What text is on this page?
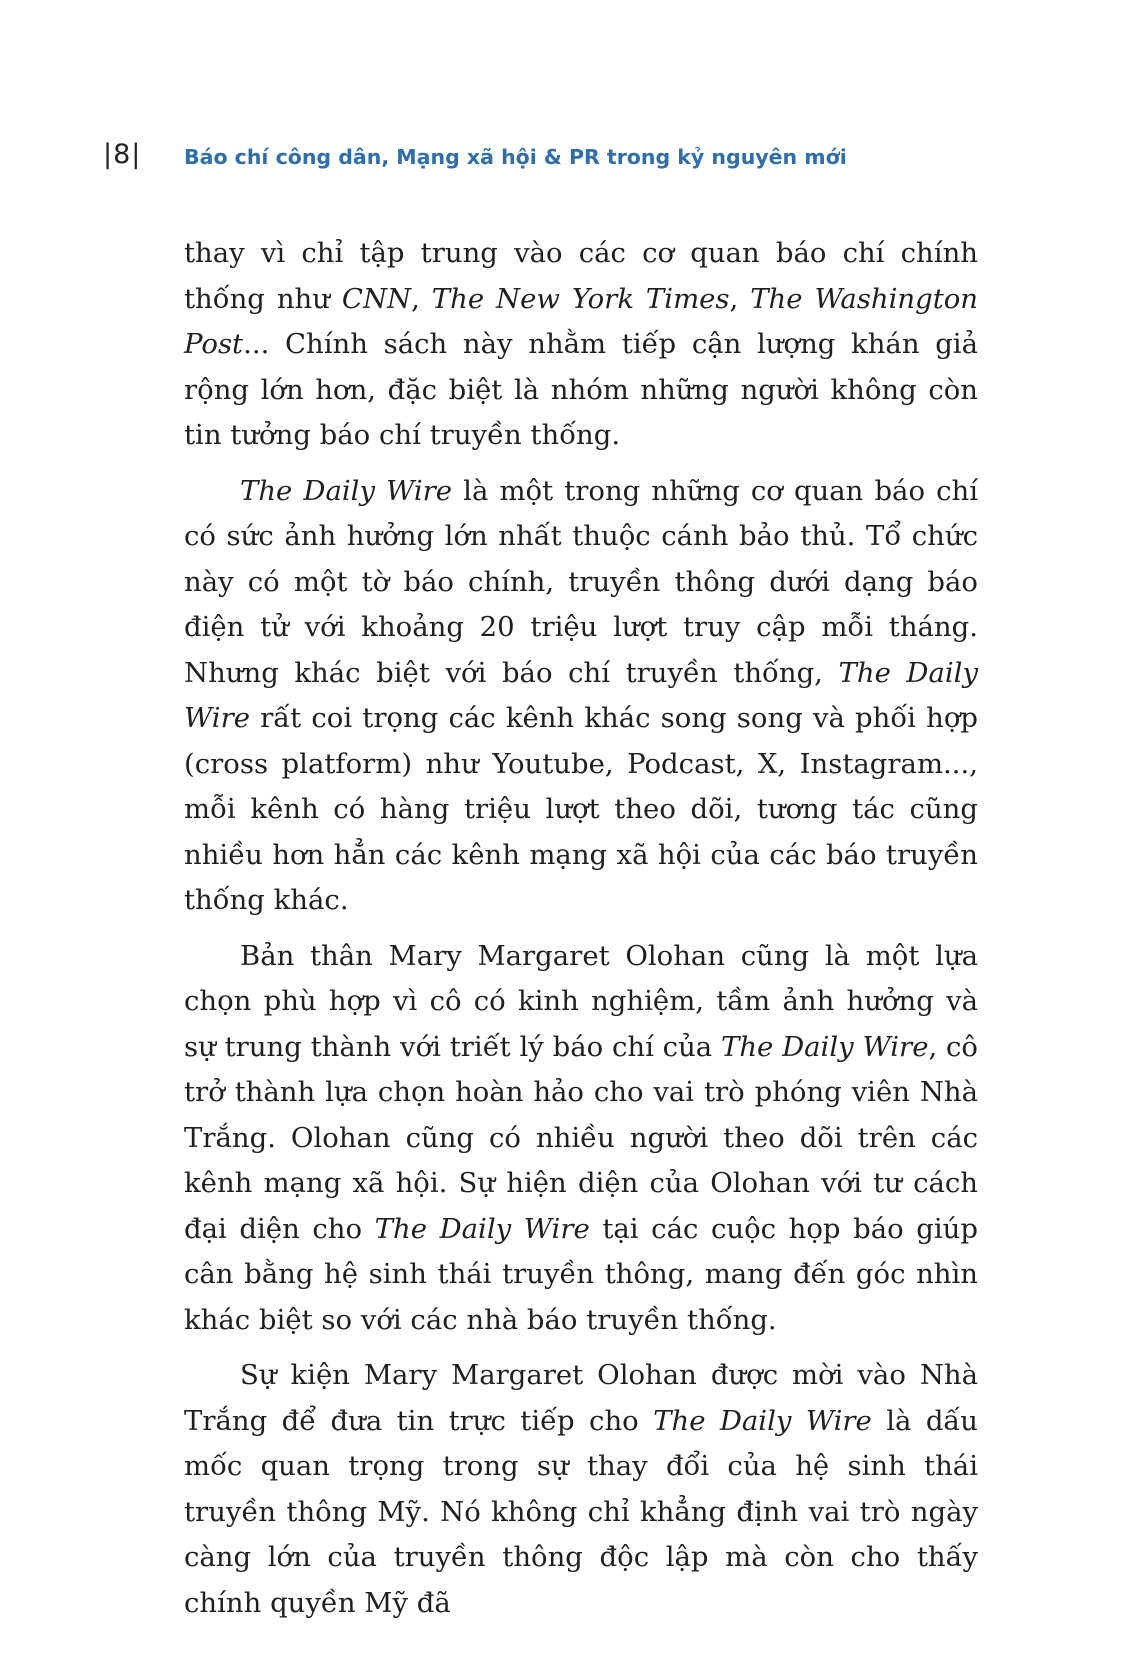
|8| Báo chí công dân, Mạng xã hội & PR trong kỷ nguyên mới

thay vì chỉ tập trung vào các cơ quan báo chí chính thống như CNN, The New York Times, The Washington Post... Chính sách này nhằm tiếp cận lượng khán giả rộng lớn hơn, đặc biệt là nhóm những người không còn tin tưởng báo chí truyền thống.

The Daily Wire là một trong những cơ quan báo chí có sức ảnh hưởng lớn nhất thuộc cánh bảo thủ. Tổ chức này có một tờ báo chính, truyền thông dưới dạng báo điện tử với khoảng 20 triệu lượt truy cập mỗi tháng. Nhưng khác biệt với báo chí truyền thống, The Daily Wire rất coi trọng các kênh khác song song và phối hợp (cross platform) như Youtube, Podcast, X, Instagram..., mỗi kênh có hàng triệu lượt theo dõi, tương tác cũng nhiều hơn hẳn các kênh mạng xã hội của các báo truyền thống khác.

Bản thân Mary Margaret Olohan cũng là một lựa chọn phù hợp vì cô có kinh nghiệm, tầm ảnh hưởng và sự trung thành với triết lý báo chí của The Daily Wire, cô trở thành lựa chọn hoàn hảo cho vai trò phóng viên Nhà Trắng. Olohan cũng có nhiều người theo dõi trên các kênh mạng xã hội. Sự hiện diện của Olohan với tư cách đại diện cho The Daily Wire tại các cuộc họp báo giúp cân bằng hệ sinh thái truyền thông, mang đến góc nhìn khác biệt so với các nhà báo truyền thống.

Sự kiện Mary Margaret Olohan được mời vào Nhà Trắng để đưa tin trực tiếp cho The Daily Wire là dấu mốc quan trọng trong sự thay đổi của hệ sinh thái truyền thông Mỹ. Nó không chỉ khẳng định vai trò ngày càng lớn của truyền thông độc lập mà còn cho thấy chính quyền Mỹ đã
